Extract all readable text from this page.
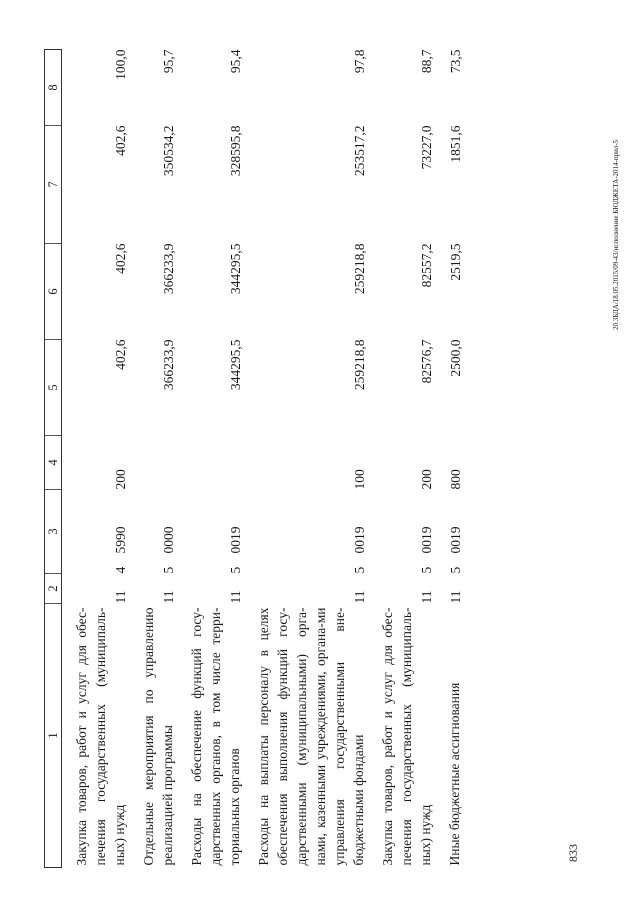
1	2	3		4	5	6	7	8
Закупка товаров, работ и услуг для обес-печения государственных (муниципаль-ных) нужд	11	4	5990	200	402,6	402,6	402,6	100,0
Отдельные мероприятия по управлению реализацией программы	11	5	0000		366233,9	366233,9	350534,2	95,7
Расходы на обеспечение функций госу-дарственных органов, в том числе терри-ториальных органов	11	5	0019		344295,5	344295,5	328595,8	95,4
Расходы на выплаты персоналу в целях обеспечения выполнения функций госу-дарственными (муниципальными) орга-нами, казенными учреждениями, органа-ми управления государственными вне-бюджетными фондами	11	5	0019	100	259218,8	259218,8	253517,2	97,8
Закупка товаров, работ и услуг для обес-печения государственных (муниципаль-ных) нужд	11	5	0019	200	82576,7	82557,2	73227,0	88,7
Иные бюджетные ассигнования	11	5	0019	800	2500,0	2519,5	1851,6	73,5
833
20.3БДА/18.05.2015/09-43/исполнение БЮДЖЕТА-2014-прил-5
